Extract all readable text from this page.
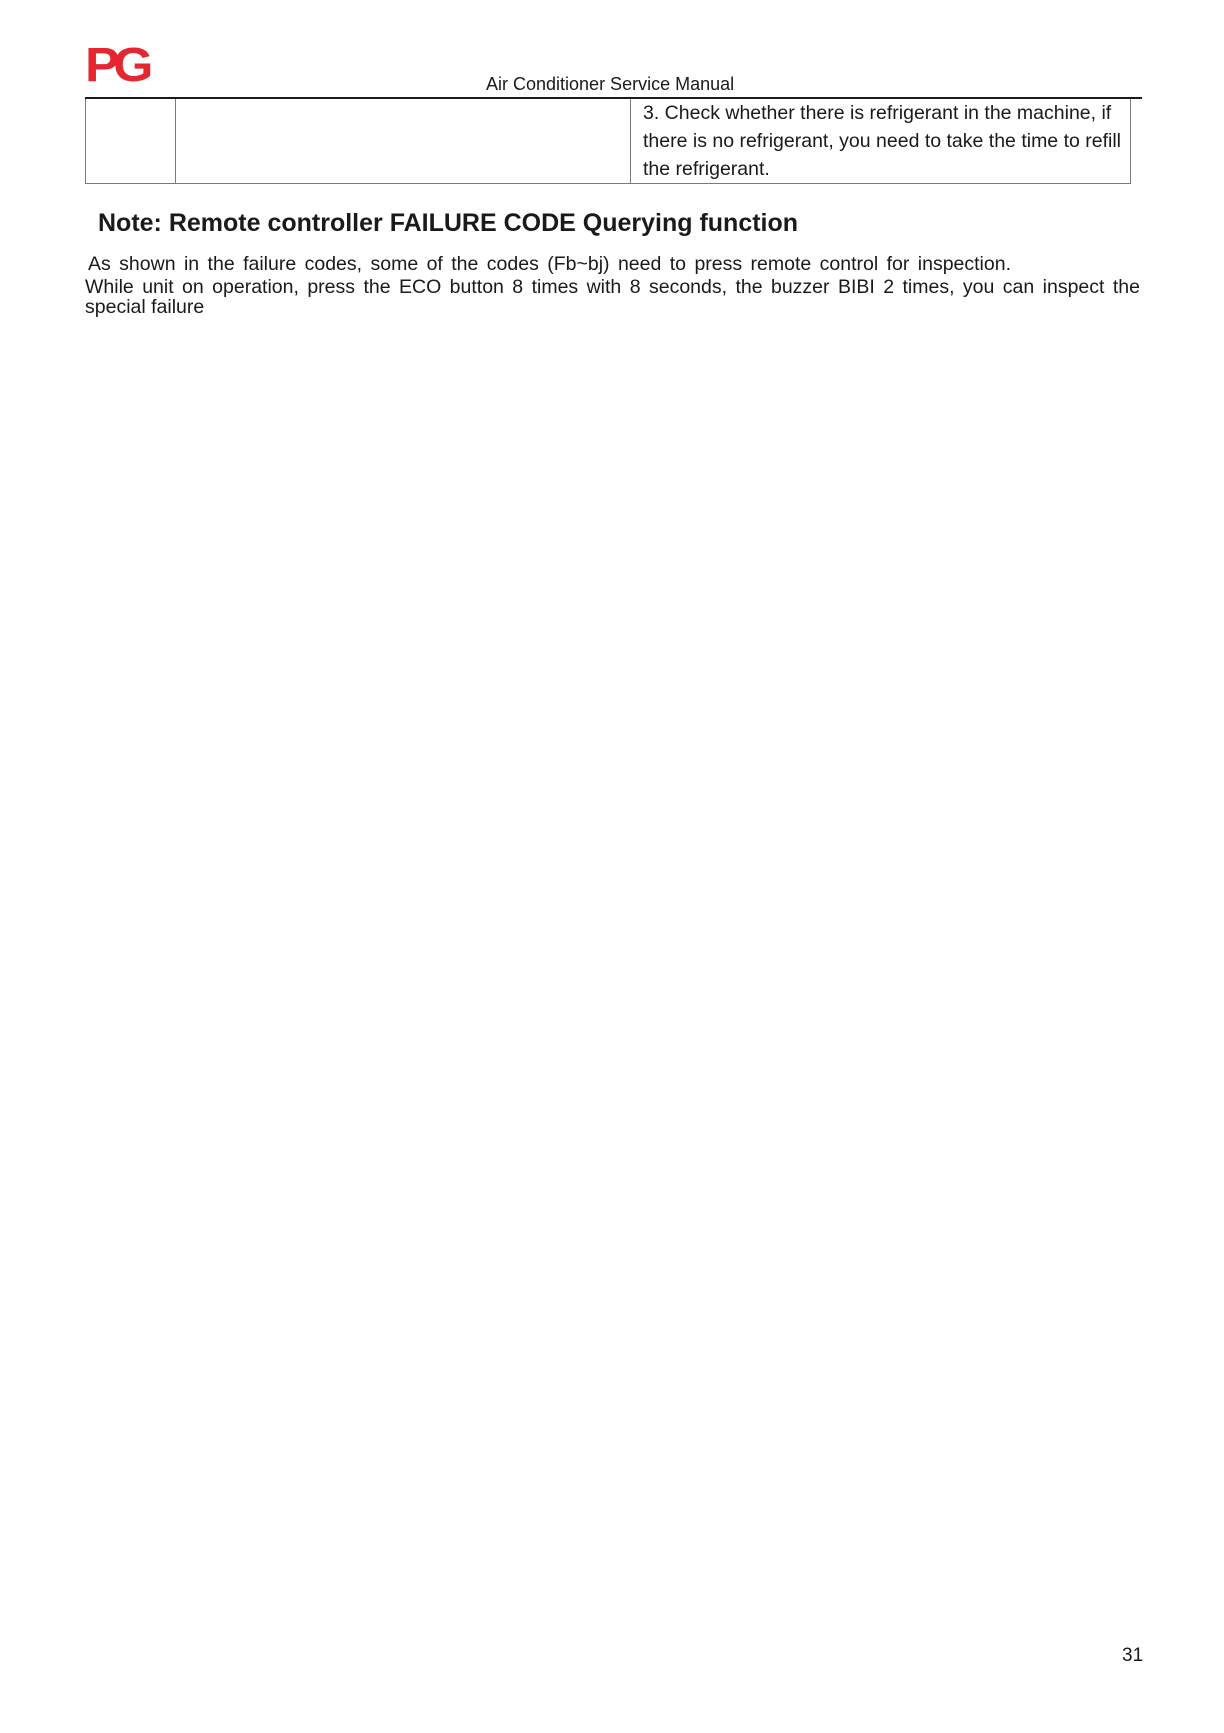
PG	Air Conditioner Service Manual
		3. Check whether there is refrigerant in the machine, if there is no refrigerant, you need to take the time to refill the refrigerant.
Note: Remote controller FAILURE CODE Querying function
As shown in the failure codes, some of the codes (Fb~bj) need to press remote control for inspection.
While unit on operation, press the ECO button 8 times with 8 seconds, the buzzer BIBI 2 times, you can inspect the special failure
31
